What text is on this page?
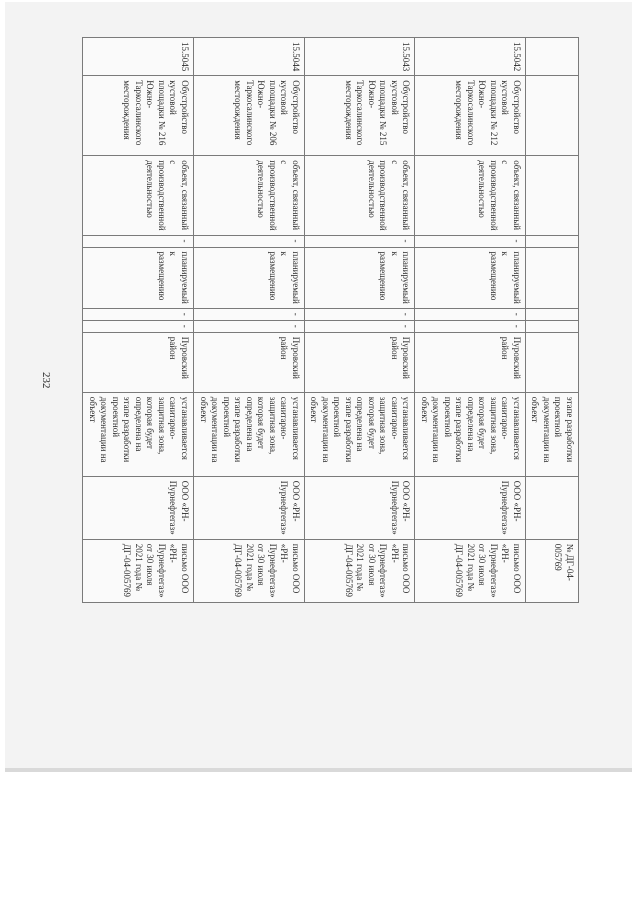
232
								этапе разработки проектной документации на объект		№ ДГ-04-005769
15.5042	Обустройство кустовой площадки № 212 Южно-Таркосалинского месторождения	объект, связанный с производственной деятельностью	-	планируемый к размещению	-	-	Пуровский район	устанавливается санитарно-защитная зона, которая будет определена на этапе разработки проектной документации на объект	ООО «РН-Пурнефтегаз»	письмо ООО «РН-Пурнефтегаз» от 30 июля 2021 года № ДГ-04-005769
15.5043	Обустройство кустовой площадки № 215 Южно-Таркосалинского месторождения	объект, связанный с производственной деятельностью	-	планируемый к размещению	-	-	Пуровский район	устанавливается санитарно-защитная зона, которая будет определена на этапе разработки проектной документации на объект	ООО «РН-Пурнефтегаз»	письмо ООО «РН-Пурнефтегаз» от 30 июля 2021 года № ДГ-04-005769
15.5044	Обустройство кустовой площадки № 206 Южно-Таркосалинского месторождения	объект, связанный с производственной деятельностью	-	планируемый к размещению	-	-	Пуровский район	устанавливается санитарно-защитная зона, которая будет определена на этапе разработки проектной документации на объект	ООО «РН-Пурнефтегаз»	письмо ООО «РН-Пурнефтегаз» от 30 июля 2021 года № ДГ-04-005769
15.5045	Обустройство кустовой площадки № 216 Южно-Таркосалинского месторождения	объект, связанный с производственной деятельностью	-	планируемый к размещению	-	-	Пуровский район	устанавливается санитарно-защитная зона, которая будет определена на этапе разработки проектной документации на объект	ООО «РН-Пурнефтегаз»	письмо ООО «РН-Пурнефтегаз» от 30 июля 2021 года № ДГ-04-005769
